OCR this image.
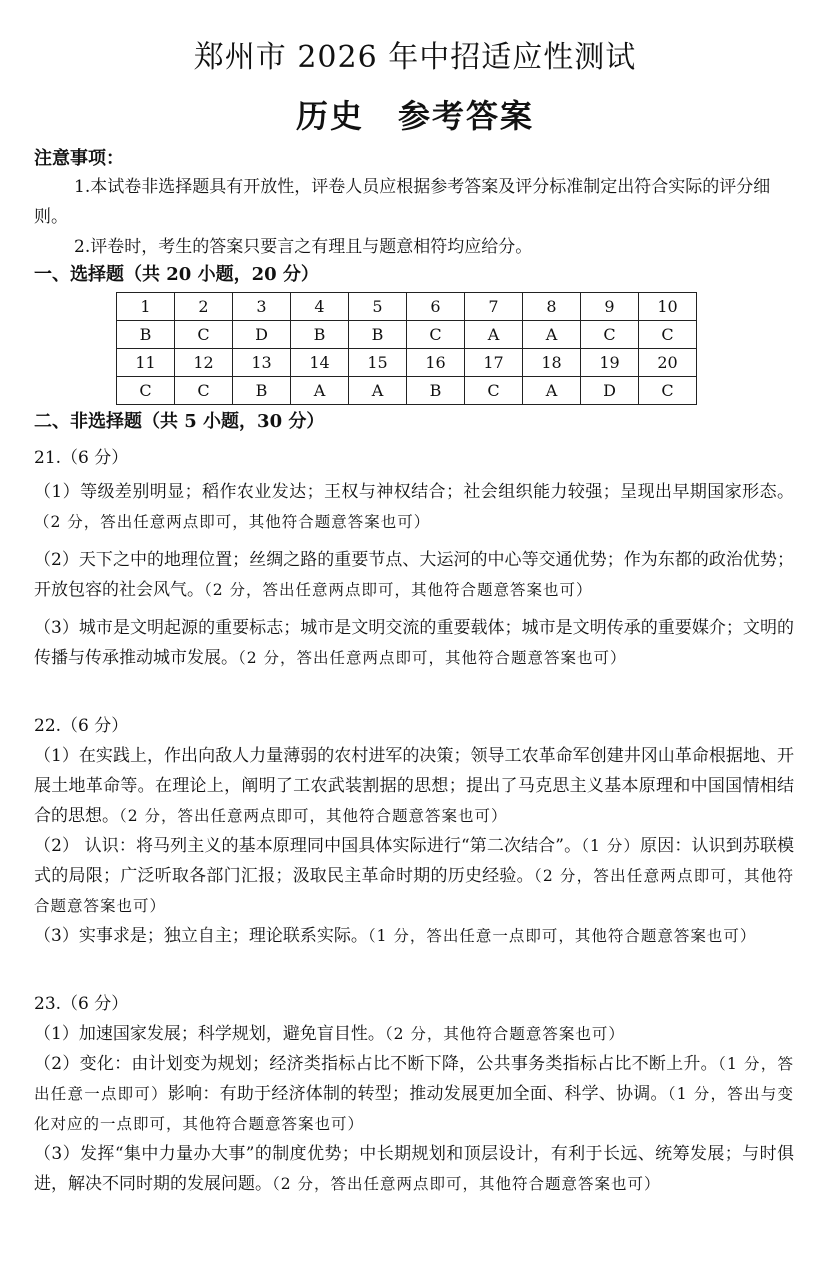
郑州市 2026 年中招适应性测试
历史　参考答案
注意事项：
1.本试卷非选择题具有开放性，评卷人员应根据参考答案及评分标准制定出符合实际的评分细则。
2.评卷时，考生的答案只要言之有理且与题意相符均应给分。
一、选择题（共 20 小题，20 分）
1	2	3	4	5	6	7	8	9	10
B	C	D	B	B	C	A	A	C	C
11	12	13	14	15	16	17	18	19	20
C	C	B	A	A	B	C	A	D	C
二、非选择题（共 5 小题，30 分）
21.（6 分）
（1）等级差别明显；稻作农业发达；王权与神权结合；社会组织能力较强；呈现出早期国家形态。（2 分，答出任意两点即可，其他符合题意答案也可）
（2）天下之中的地理位置；丝绸之路的重要节点、大运河的中心等交通优势；作为东都的政治优势；开放包容的社会风气。（2 分，答出任意两点即可，其他符合题意答案也可）
（3）城市是文明起源的重要标志；城市是文明交流的重要载体；城市是文明传承的重要媒介；文明的传播与传承推动城市发展。（2 分，答出任意两点即可，其他符合题意答案也可）
22.（6 分）
（1）在实践上，作出向敌人力量薄弱的农村进军的决策；领导工农革命军创建井冈山革命根据地、开展土地革命等。在理论上，阐明了工农武装割据的思想；提出了马克思主义基本原理和中国国情相结合的思想。（2 分，答出任意两点即可，其他符合题意答案也可）
（2） 认识：将马列主义的基本原理同中国具体实际进行“第二次结合”。（1 分）原因：认识到苏联模式的局限；广泛听取各部门汇报；汲取民主革命时期的历史经验。（2 分，答出任意两点即可，其他符合题意答案也可）
（3）实事求是；独立自主；理论联系实际。（1 分，答出任意一点即可，其他符合题意答案也可）
23.（6 分）
（1）加速国家发展；科学规划，避免盲目性。（2 分，其他符合题意答案也可）
（2）变化：由计划变为规划；经济类指标占比不断下降，公共事务类指标占比不断上升。（1 分，答出任意一点即可）影响：有助于经济体制的转型；推动发展更加全面、科学、协调。（1 分，答出与变化对应的一点即可，其他符合题意答案也可）
（3）发挥“集中力量办大事”的制度优势；中长期规划和顶层设计，有利于长远、统筹发展；与时俱进，解决不同时期的发展问题。（2 分，答出任意两点即可，其他符合题意答案也可）
